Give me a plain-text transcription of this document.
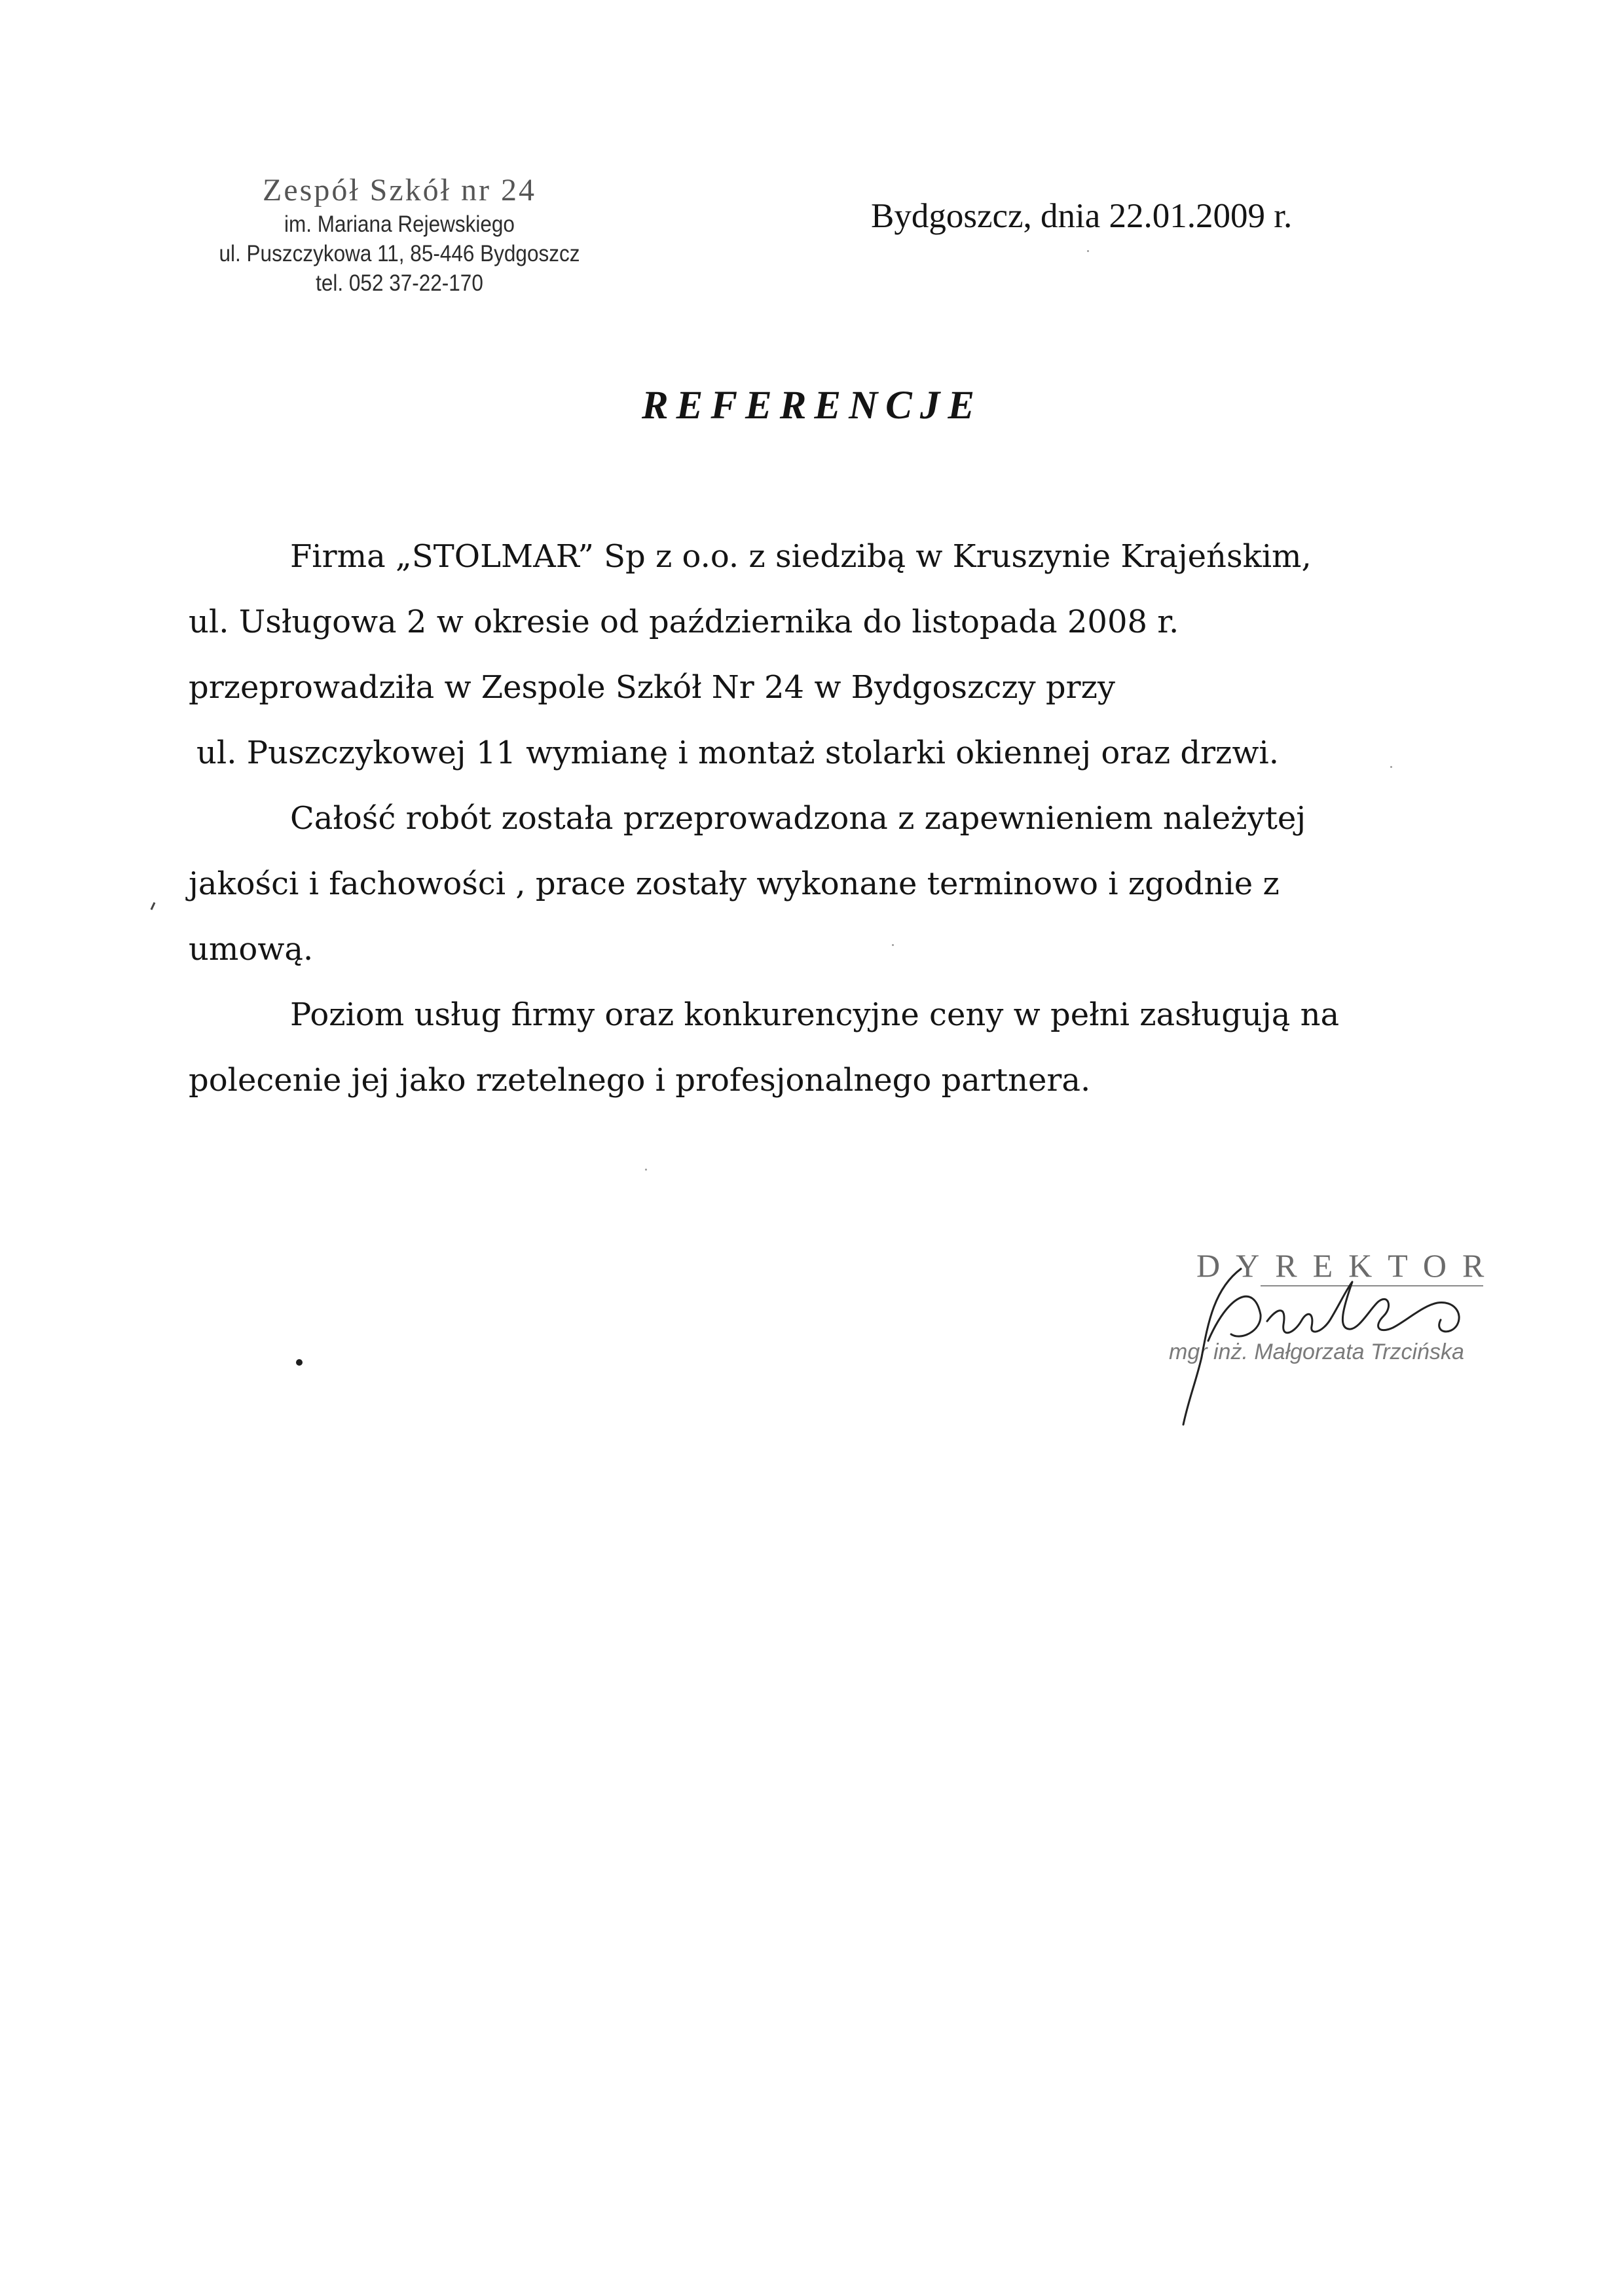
Zespół Szkół nr 24
im. Mariana Rejewskiego
ul. Puszczykowa 11, 85-446 Bydgoszcz
tel. 052 37-22-170
Bydgoszcz, dnia 22.01.2009 r.
REFERENCJE

Firma „STOLMAR” Sp z o.o. z siedzibą w Kruszynie Krajeńskim,

ul. Usługowa 2 w okresie od października do listopada 2008 r.

przeprowadziła w Zespole Szkół Nr 24 w Bydgoszczy przy

ul. Puszczykowej 11 wymianę i montaż stolarki okiennej oraz drzwi.

Całość robót została przeprowadzona z zapewnieniem należytej

jakości i fachowości , prace zostały wykonane terminowo i zgodnie z

umową.

Poziom usług firmy oraz konkurencyjne ceny w pełni zasługują na

polecenie jej jako rzetelnego i profesjonalnego partnera.

DYREKTOR
mgr inż. Małgorzata Trzcińska
